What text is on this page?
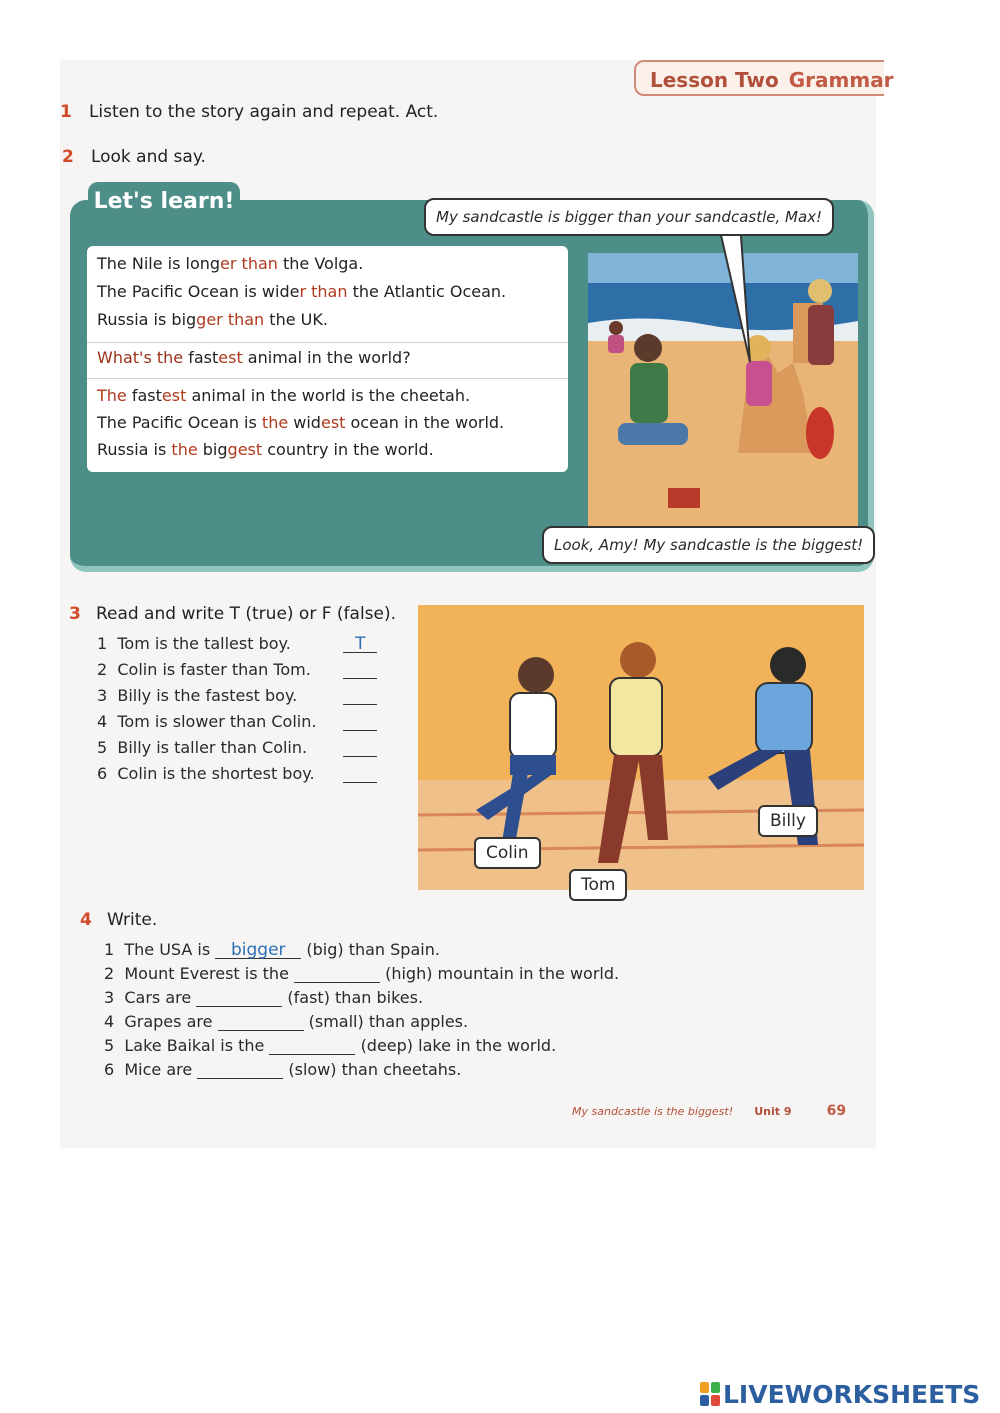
Lesson Two Grammar
1 Listen to the story again and repeat. Act.
2 Look and say.
Let's learn!
The Nile is longer than the Volga.
The Pacific Ocean is wider than the Atlantic Ocean.
Russia is bigger than the UK.
What's the fastest animal in the world?
The fastest animal in the world is the cheetah.
The Pacific Ocean is the widest ocean in the world.
Russia is the biggest country in the world.
My sandcastle is bigger than your sandcastle, Max!
Look, Amy! My sandcastle is the biggest!
3 Read and write T (true) or F (false).
1 Tom is the tallest boy.	T
2 Colin is faster than Tom.
3 Billy is the fastest boy.
4 Tom is slower than Colin.
5 Billy is taller than Colin.
6 Colin is the shortest boy.
Colin
Tom
Billy
4 Write.
1 The USA is bigger (big) than Spain.
2 Mount Everest is the	(high) mountain in the world.
3 Cars are	(fast) than bikes.
4 Grapes are	(small) than apples.
5 Lake Baikal is the	(deep) lake in the world.
6 Mice are	(slow) than cheetahs.
My sandcastle is the biggest! Unit 9	69
LIVEWORKSHEETS
